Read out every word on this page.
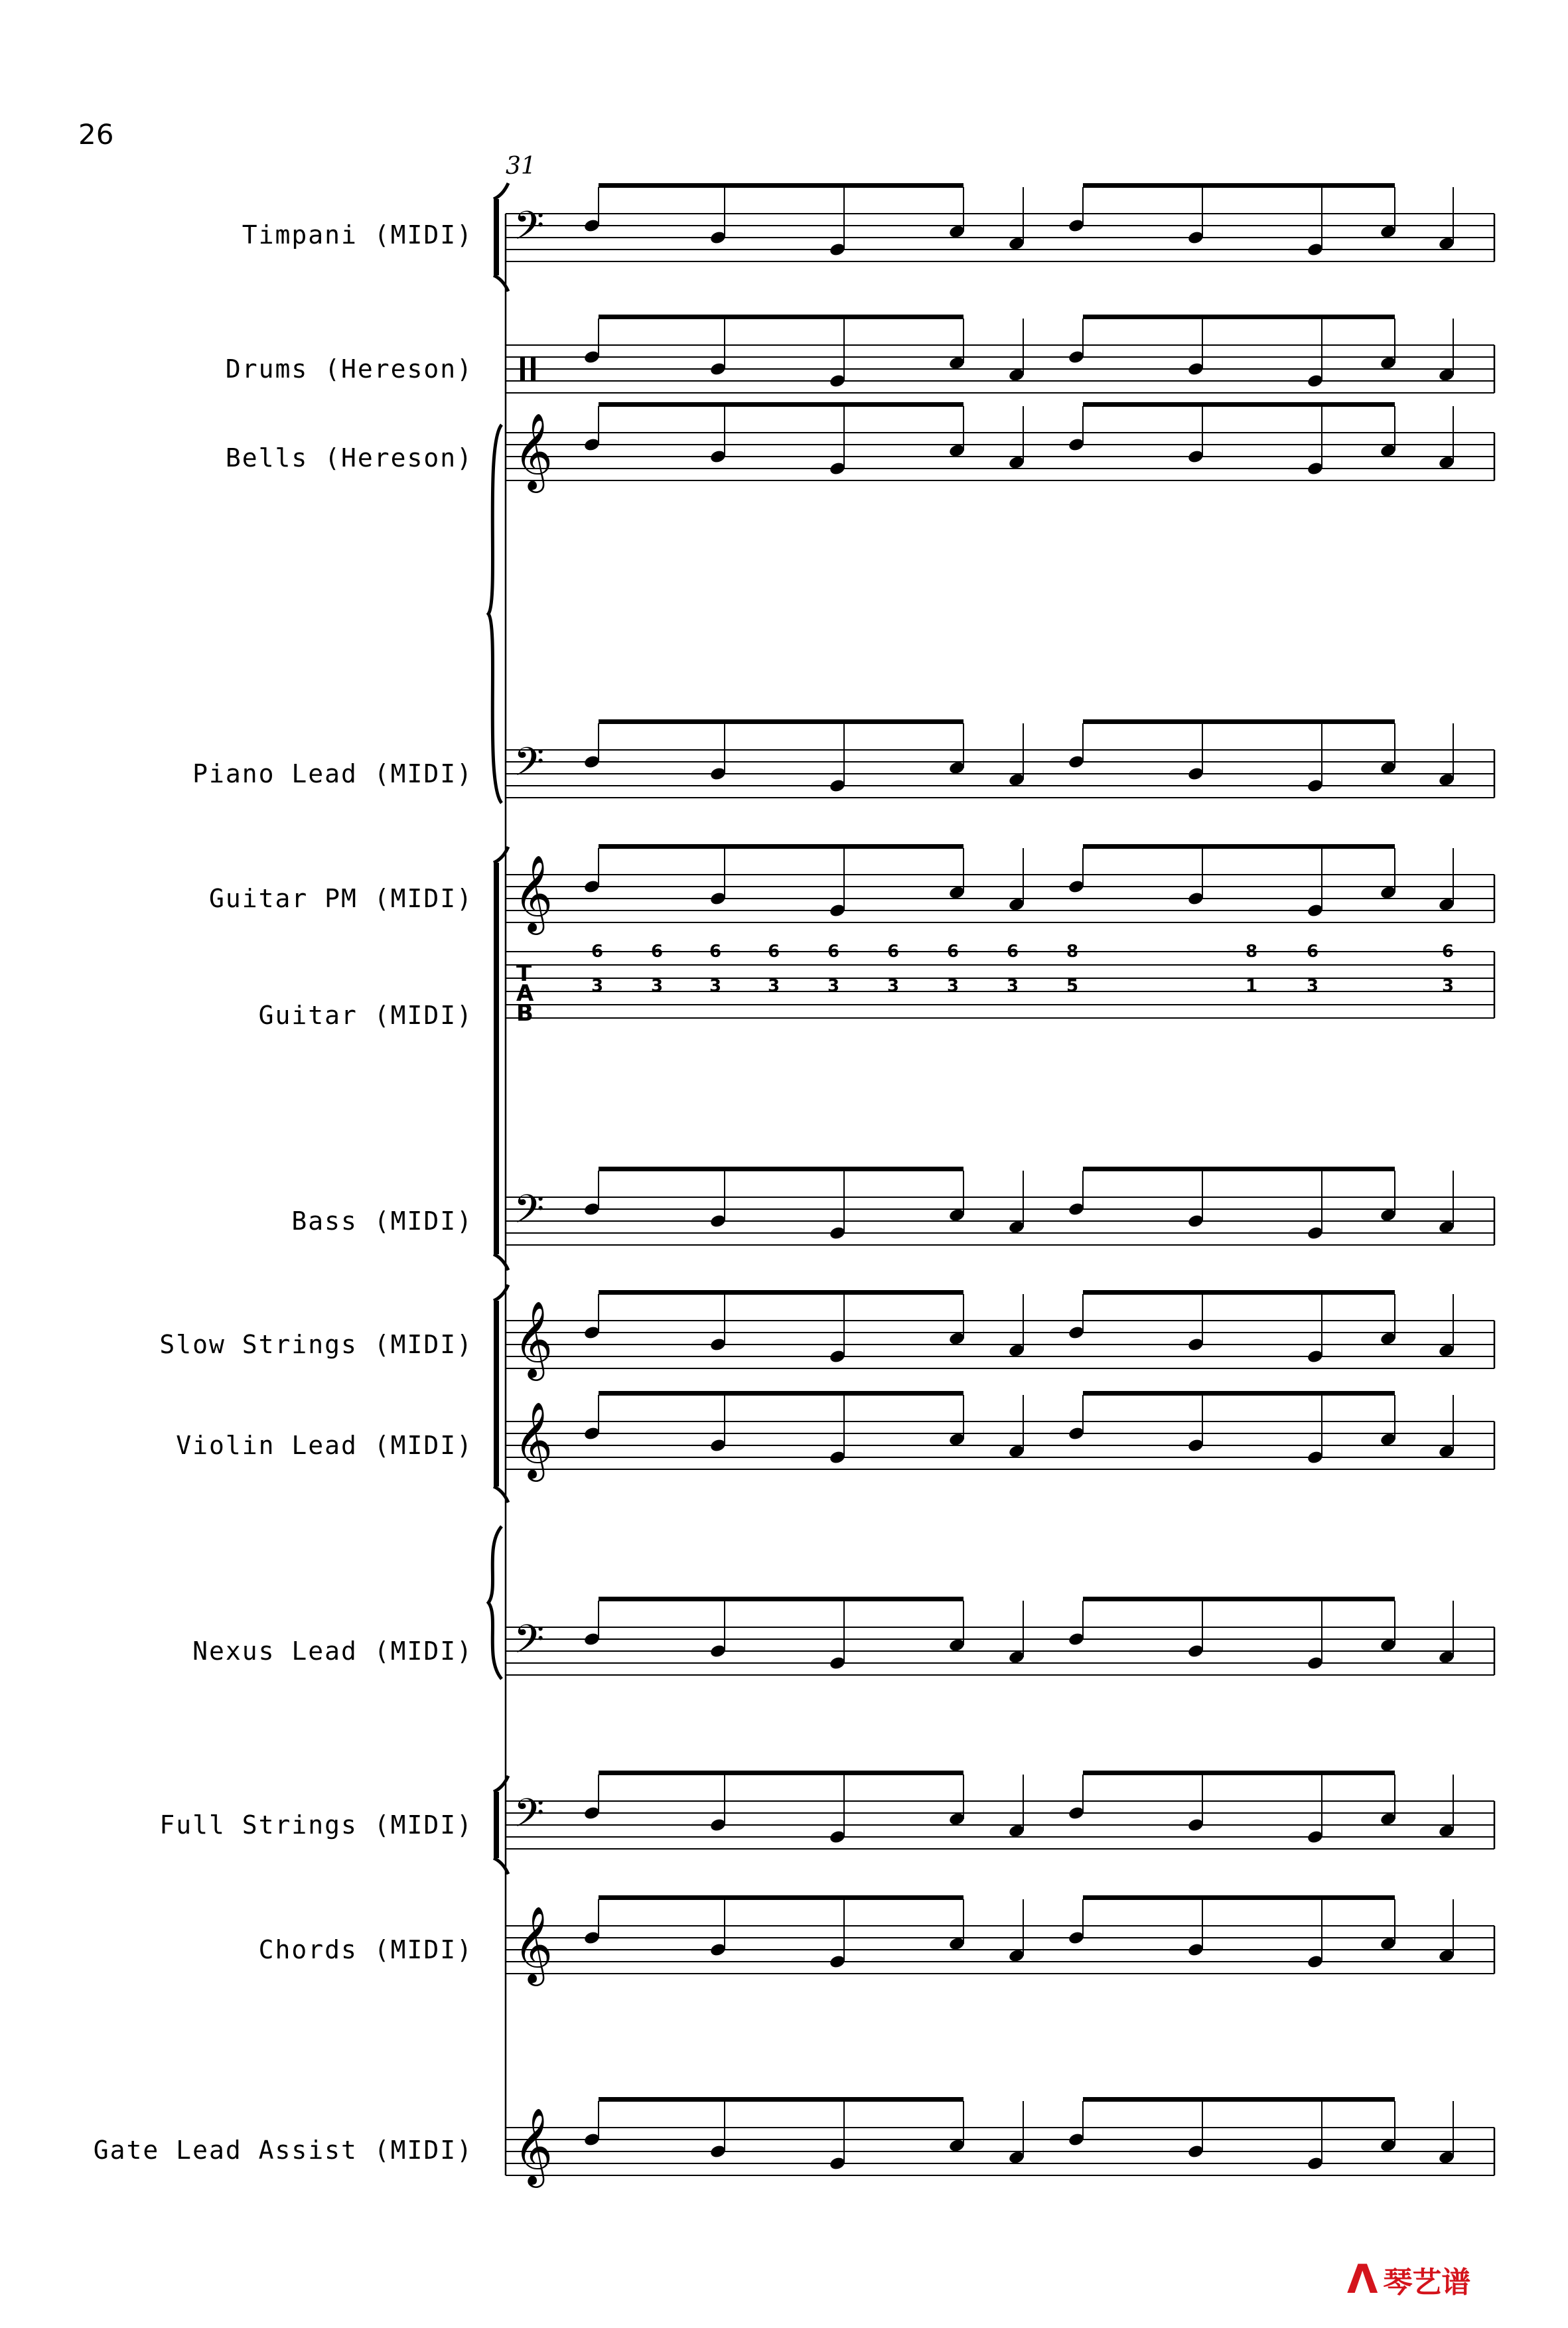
𝄢
𝄞
𝄢
𝄞
𝄢
𝄞
𝄞
𝄢
𝄢
𝄞
𝄞
T
A
B
6	6	6	6	6	6	6	6	8	8	6	6
3	3	3	3	3	3	3	3	5	1	3	3
26
31
Timpani (MIDI)
Drums (Hereson)
Bells (Hereson)
Piano Lead (MIDI)
Guitar PM (MIDI)
Guitar (MIDI)
Bass (MIDI)
Slow Strings (MIDI)
Violin Lead (MIDI)
Nexus Lead (MIDI)
Full Strings (MIDI)
Chords (MIDI)
Gate Lead Assist (MIDI)
ᐱ 琴艺谱
